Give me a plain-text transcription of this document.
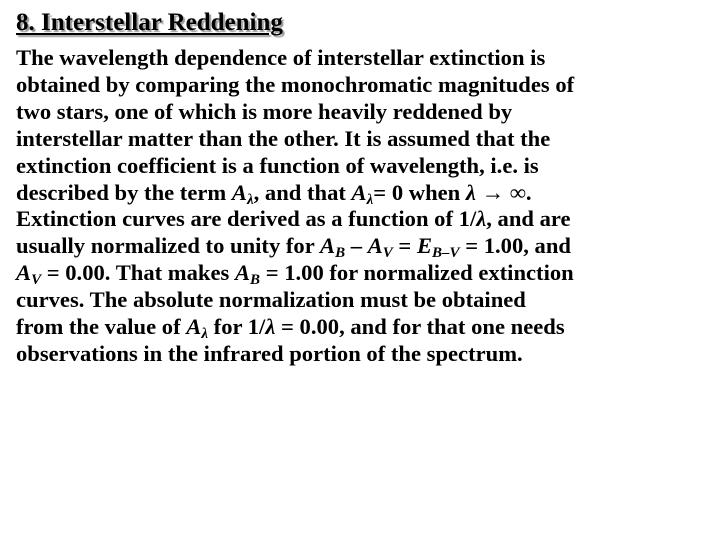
8. Interstellar Reddening
The wavelength dependence of interstellar extinction is
obtained by comparing the monochromatic magnitudes of
two stars, one of which is more heavily reddened by
interstellar matter than the other. It is assumed that the
extinction coefficient is a function of wavelength, i.e. is
described by the term $A_\lambda$, and that $A_\lambda= 0$ when λ → ∞.
Extinction curves are derived as a function of 1/λ, and are
usually normalized to unity for $A_B - A_V = E_{B-V} = 1.00$, and
$A_V = 0.00$. That makes $A_B = 1.00$ for normalized extinction
curves. The absolute normalization must be obtained
from the value of $A_\lambda$ for 1/λ = 0.00, and for that one needs
observations in the infrared portion of the spectrum.
